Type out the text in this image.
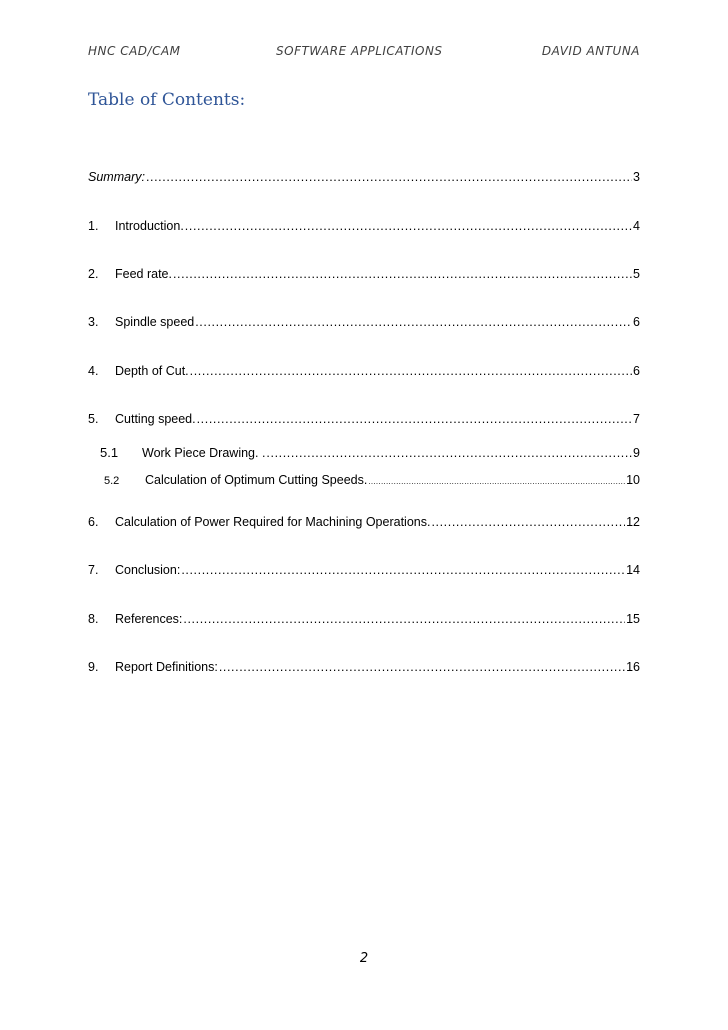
HNC CAD/CAM	SOFTWARE APPLICATIONS	DAVID ANTUNA
Table of Contents:
Summary: .....	3
1.	Introduction. .....	4
2.	Feed rate. .....	5
3.	Spindle speed .....	6
4.	Depth of Cut. .....	6
5.	Cutting speed. .....	7
5.1	Work Piece Drawing. . .....	9
5.2	Calculation of Optimum Cutting Speeds. .....	10
6.	Calculation of Power Required for Machining Operations. .....	12
7.	Conclusion: .....	14
8.	References: .....	15
9.	Report Definitions: .....	16
2
